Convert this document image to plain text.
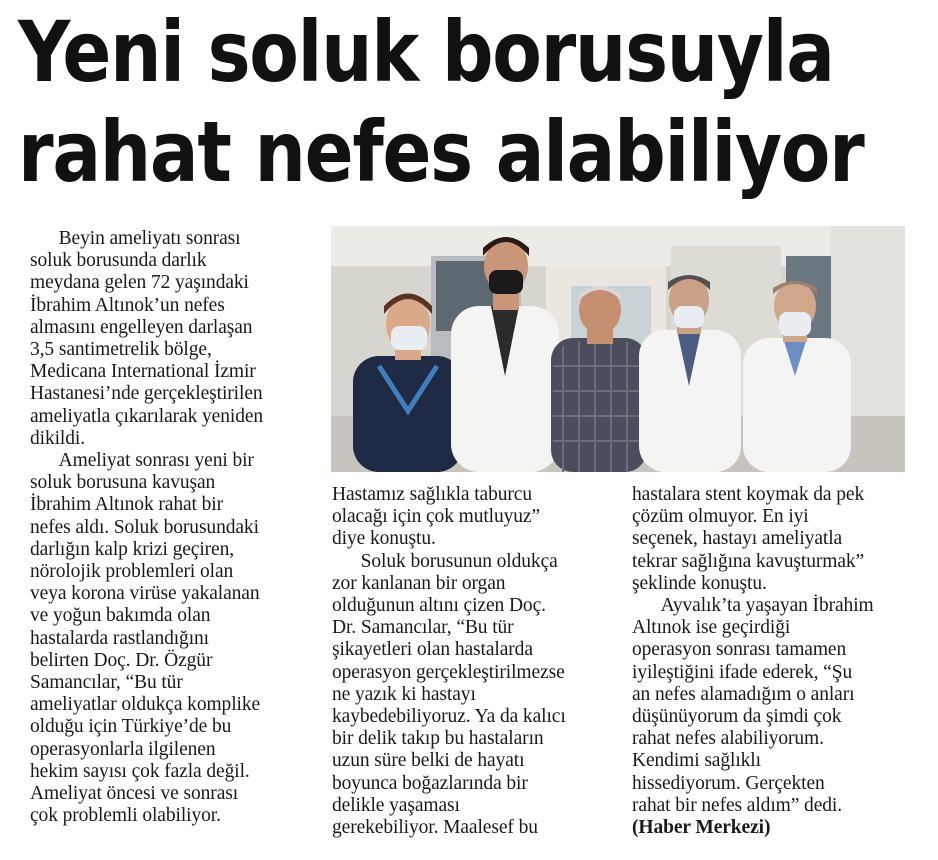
Yeni soluk borusuyla
rahat nefes alabiliyor

Beyin ameliyatı sonrası

soluk borusunda darlık

meydana gelen 72 yaşındaki

İbrahim Altınok’un nefes

almasını engelleyen darlaşan

3,5 santimetrelik bölge,

Medicana International İzmir

Hastanesi’nde gerçekleştirilen

ameliyatla çıkarılarak yeniden

dikildi.

Ameliyat sonrası yeni bir

soluk borusuna kavuşan

İbrahim Altınok rahat bir

nefes aldı. Soluk borusundaki

darlığın kalp krizi geçiren,

nörolojik problemleri olan

veya korona virüse yakalanan

ve yoğun bakımda olan

hastalarda rastlandığını

belirten Doç. Dr. Özgür

Samancılar, “Bu tür

ameliyatlar oldukça komplike

olduğu için Türkiye’de bu

operasyonlarla ilgilenen

hekim sayısı çok fazla değil.

Ameliyat öncesi ve sonrası

çok problemli olabiliyor.

Hastamız sağlıkla taburcu

olacağı için çok mutluyuz”

diye konuştu.

Soluk borusunun oldukça

zor kanlanan bir organ

olduğunun altını çizen Doç.

Dr. Samancılar, “Bu tür

şikayetleri olan hastalarda

operasyon gerçekleştirilmezse

ne yazık ki hastayı

kaybedebiliyoruz. Ya da kalıcı

bir delik takıp bu hastaların

uzun süre belki de hayatı

boyunca boğazlarında bir

delikle yaşaması

gerekebiliyor. Maalesef bu

hastalara stent koymak da pek

çözüm olmuyor. En iyi

seçenek, hastayı ameliyatla

tekrar sağlığına kavuşturmak”

şeklinde konuştu.

Ayvalık’ta yaşayan İbrahim

Altınok ise geçirdiği

operasyon sonrası tamamen

iyileştiğini ifade ederek, “Şu

an nefes alamadığım o anları

düşünüyorum da şimdi çok

rahat nefes alabiliyorum.

Kendimi sağlıklı

hissediyorum. Gerçekten

rahat bir nefes aldım” dedi.

(Haber Merkezi)
